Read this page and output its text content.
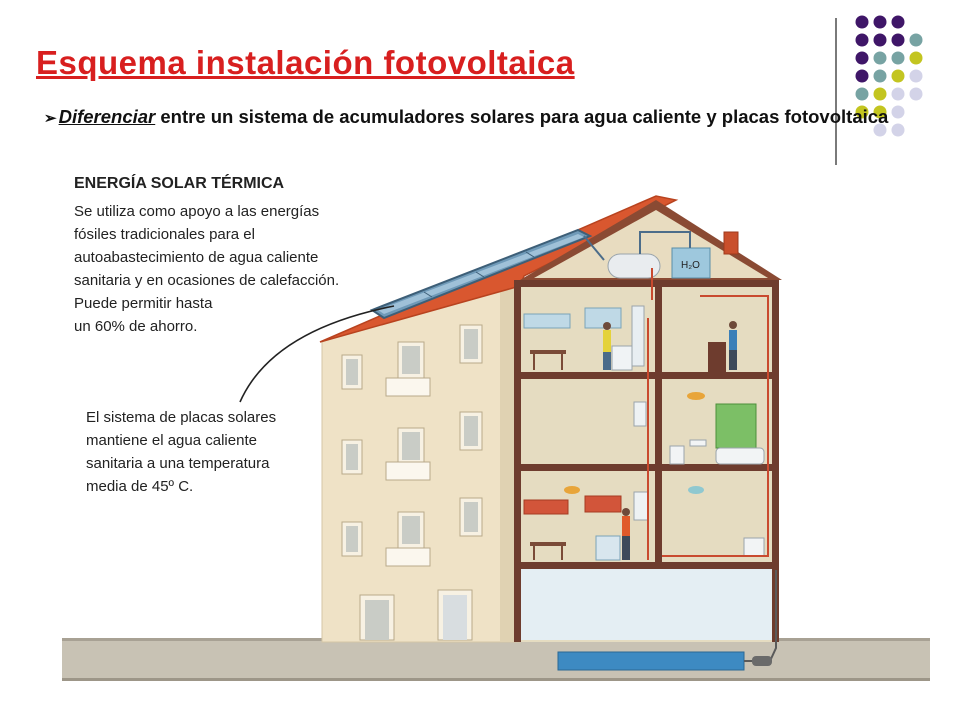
H₂O
ENERGÍA SOLAR TÉRMICA
Se utiliza como apoyo a las energías
fósiles tradicionales para el
autoabastecimiento de agua caliente
sanitaria y en ocasiones de calefacción.
Puede permitir hasta
un 60% de ahorro.
El sistema de placas solares
mantiene el agua caliente
sanitaria a una temperatura
media de 45º C.
Esquema instalación fotovoltaica
➢ Diferenciar entre un sistema de acumuladores solares para agua caliente y placas fotovoltaica
